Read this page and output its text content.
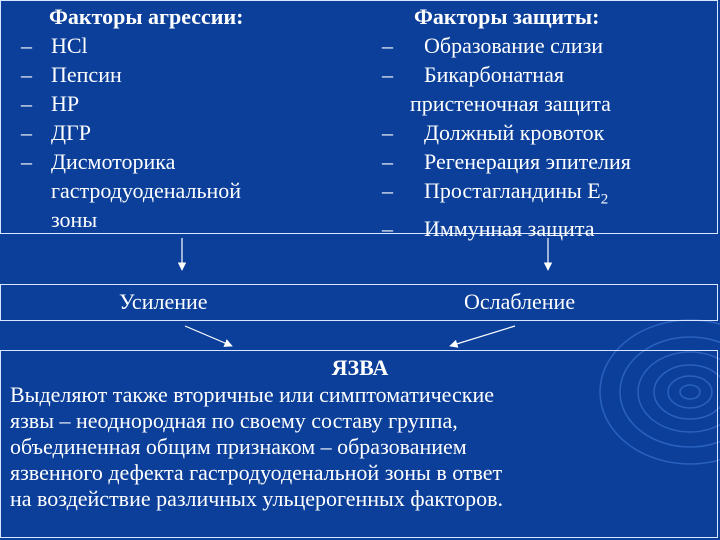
Факторы агрессии:
– HCl
– Пепсин
– НР
– ДГР
– Дисмоторика
гастродуоденальной
зоны
Факторы защиты:
– Образование слизи
– Бикарбонатная
пристеночная защита
– Должный кровоток
– Регенерация эпителия
– Простагландины $Е_2$
– Иммунная защита
Усиление	Ослабление
ЯЗВА

Выделяют также вторичные или симптоматические
язвы – неоднородная по своему составу группа,
объединенная общим признаком – образованием
язвенного дефекта гастродуоденальной зоны в ответ
на воздействие различных ульцерогенных факторов.
